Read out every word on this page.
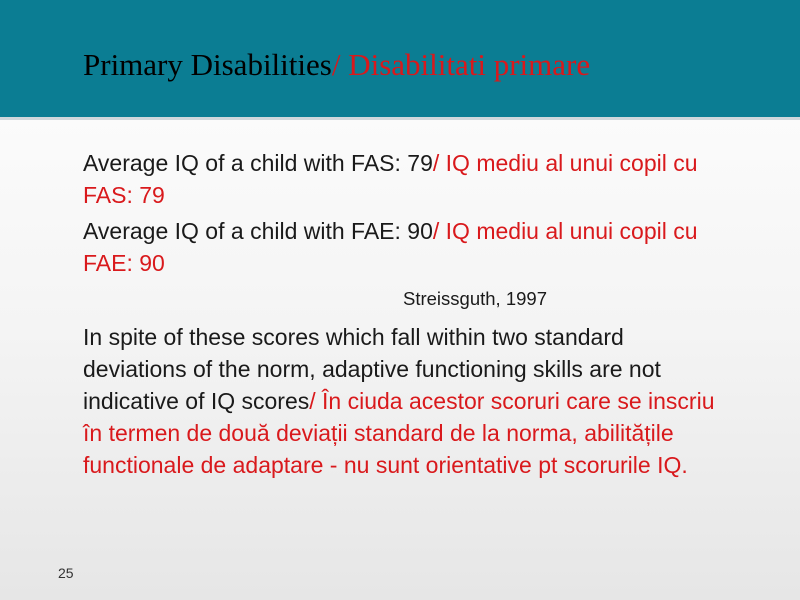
Primary Disabilities/ Disabilitati primare

Average IQ of a child with FAS: 79/ IQ mediu al unui copil cu FAS: 79

Average IQ of a child with FAE: 90/ IQ mediu al unui copil cu FAE: 90

Streissguth, 1997

In spite of these scores which fall within two standard deviations of the norm, adaptive functioning skills are not indicative of IQ scores/ În ciuda acestor scoruri care se inscriu în termen de două deviații standard de la norma, abilitățile functionale de adaptare - nu sunt orientative pt scorurile IQ.

25
